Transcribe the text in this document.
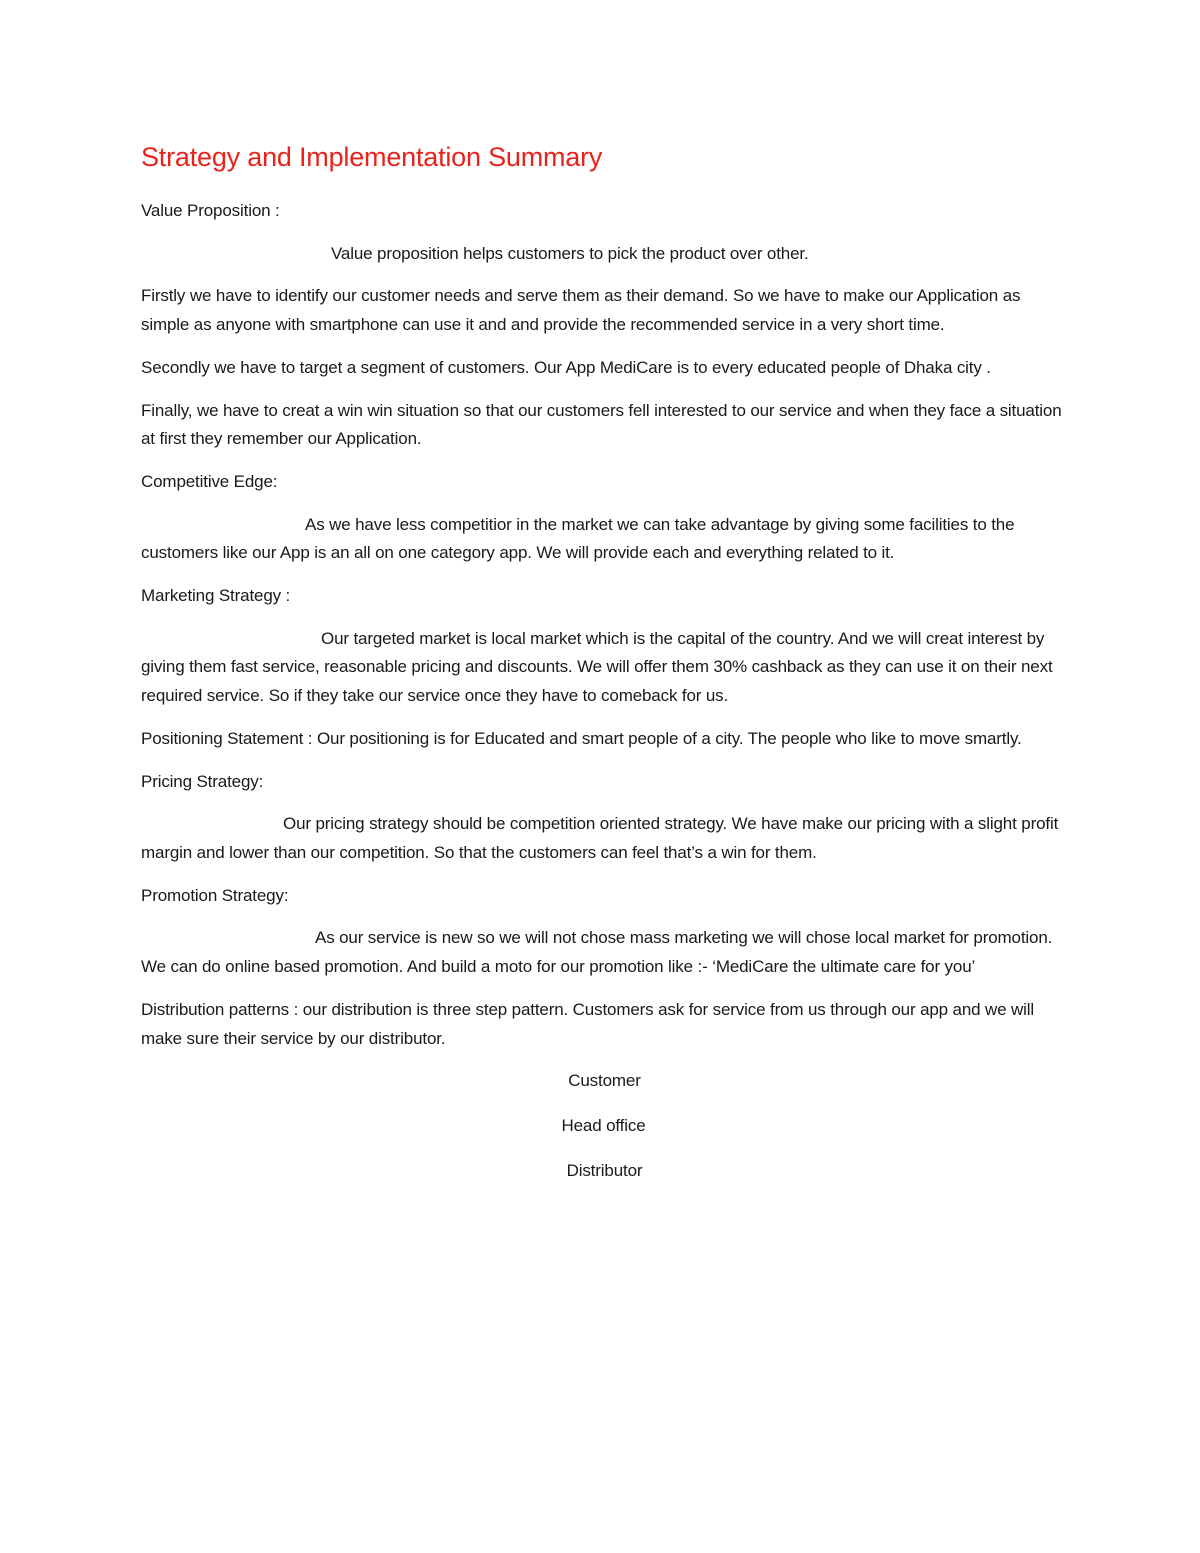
Strategy and Implementation Summary

Value Proposition :

Value proposition helps customers to pick the product over other.

Firstly we have to identify our customer needs and serve them as their demand. So we have to make our Application as simple as anyone with smartphone can use it and and provide the recommended service in a very short time.

Secondly we have to target a segment of customers. Our App MediCare is to every educated people of Dhaka city .

Finally, we have to creat a win win situation so that our customers fell interested to our service and when they face a situation at first they remember our Application.

Competitive Edge:

As we have less competitior in the market we can take advantage by giving some facilities to the customers like our App is an all on one category app. We will provide each and everything related to it.

Marketing Strategy :

Our targeted market is local market which is the capital of the country. And we will creat interest by giving them fast service, reasonable pricing and discounts. We will offer them 30% cashback as they can use it on their next required service. So if they take our service once they have to comeback for us.

Positioning Statement : Our positioning is for Educated and smart people of a city. The people who like to move smartly.

Pricing Strategy:

Our pricing strategy should be competition oriented strategy. We have make our pricing with a slight profit margin and lower than our competition. So that the customers can feel that’s a win for them.

Promotion Strategy:

As our service is new so we will not chose mass marketing we will chose local market for promotion. We can do online based promotion. And build a moto for our promotion like :- ‘MediCare the ultimate care for you’

Distribution patterns : our distribution is three step pattern. Customers ask for service from us through our app and we will make sure their service by our distributor.

Customer

Head office

Distributor
